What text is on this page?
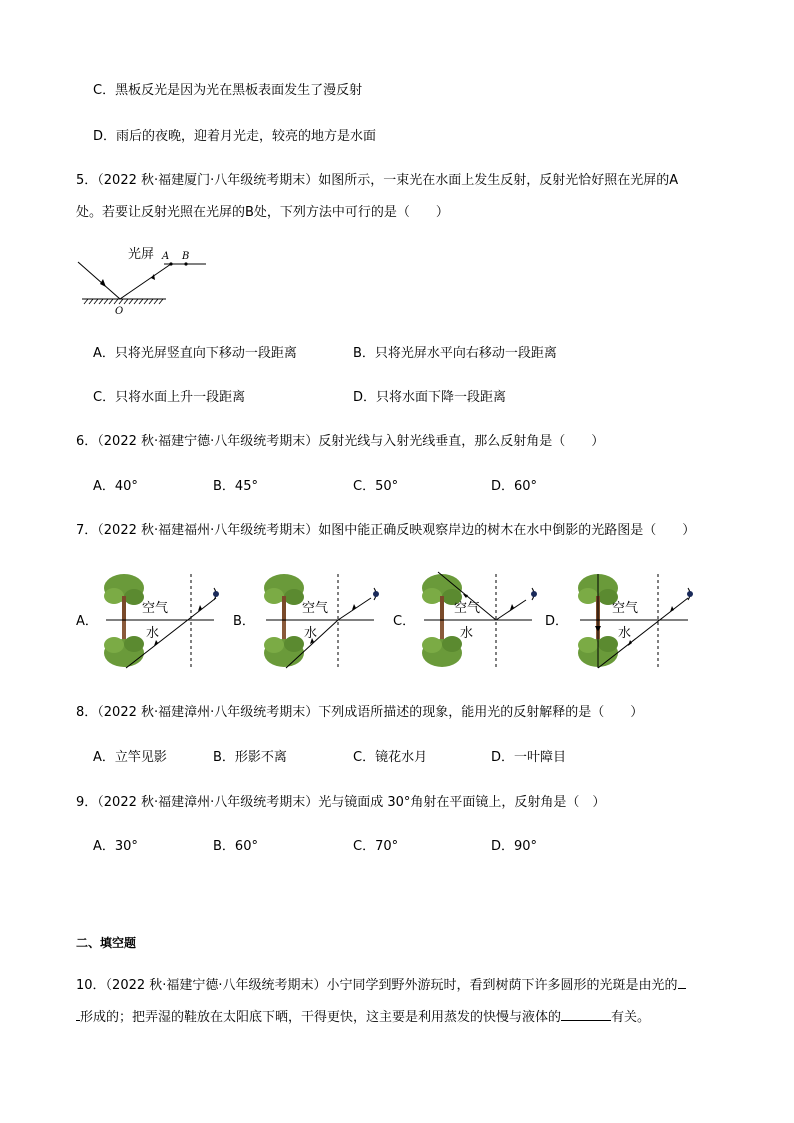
C．黑板反光是因为光在黑板表面发生了漫反射
D．雨后的夜晚，迎着月光走，较亮的地方是水面
5．（2022 秋·福建厦门·八年级统考期末）如图所示，一束光在水面上发生反射，反射光恰好照在光屏的A
处。若要让反射光照在光屏的B处，下列方法中可行的是（　　）
光屏 A B
O
A．只将光屏竖直向下移动一段距离	B．只将光屏水平向右移动一段距离
C．只将水面上升一段距离	D．只将水面下降一段距离
6．（2022 秋·福建宁德·八年级统考期末）反射光线与入射光线垂直，那么反射角是（　　）
A．40°	B．45°	C．50°	D．60°
7．（2022 秋·福建福州·八年级统考期末）如图中能正确反映观察岸边的树木在水中倒影的光路图是（　　）
A．
空气
水
B．
空气
水
C．
空气
水
D．
空气
水
8．（2022 秋·福建漳州·八年级统考期末）下列成语所描述的现象，能用光的反射解释的是（　　）
A．立竿见影	B．形影不离	C．镜花水月	D．一叶障目
9．（2022 秋·福建漳州·八年级统考期末）光与镜面成 30°角射在平面镜上，反射角是（　）
A．30°	B．60°	C．70°	D．90°
二、填空题
10．（2022 秋·福建宁德·八年级统考期末）小宁同学到野外游玩时，看到树荫下许多圆形的光斑是由光的
形成的；把弄湿的鞋放在太阳底下晒，干得更快，这主要是利用蒸发的快慢与液体的	有关。
